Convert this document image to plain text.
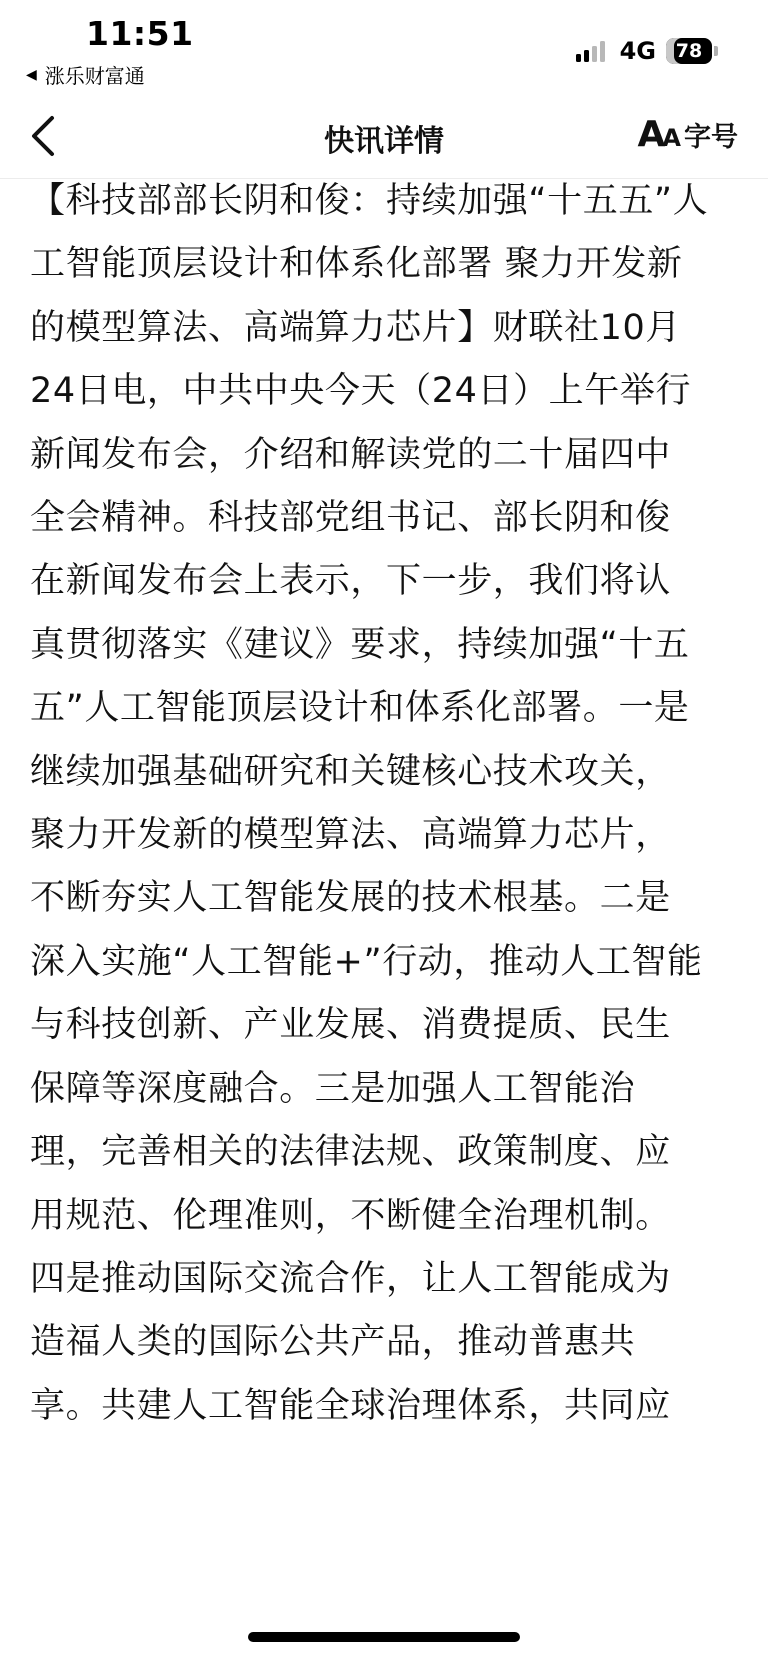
11:51
◀ 涨乐财富通
4G	78
快讯详情	AA 字号

【科技部部长阴和俊：持续加强“十五五”人
工智能顶层设计和体系化部署 聚力开发新
的模型算法、高端算力芯片】财联社10月
24日电，中共中央今天（24日）上午举行
新闻发布会，介绍和解读党的二十届四中
全会精神。科技部党组书记、部长阴和俊
在新闻发布会上表示，下一步，我们将认
真贯彻落实《建议》要求，持续加强“十五
五”人工智能顶层设计和体系化部署。一是
继续加强基础研究和关键核心技术攻关，
聚力开发新的模型算法、高端算力芯片，
不断夯实人工智能发展的技术根基。二是
深入实施“人工智能+”行动，推动人工智能
与科技创新、产业发展、消费提质、民生
保障等深度融合。三是加强人工智能治
理，完善相关的法律法规、政策制度、应
用规范、伦理准则，不断健全治理机制。
四是推动国际交流合作，让人工智能成为
造福人类的国际公共产品，推动普惠共
享。共建人工智能全球治理体系，共同应
